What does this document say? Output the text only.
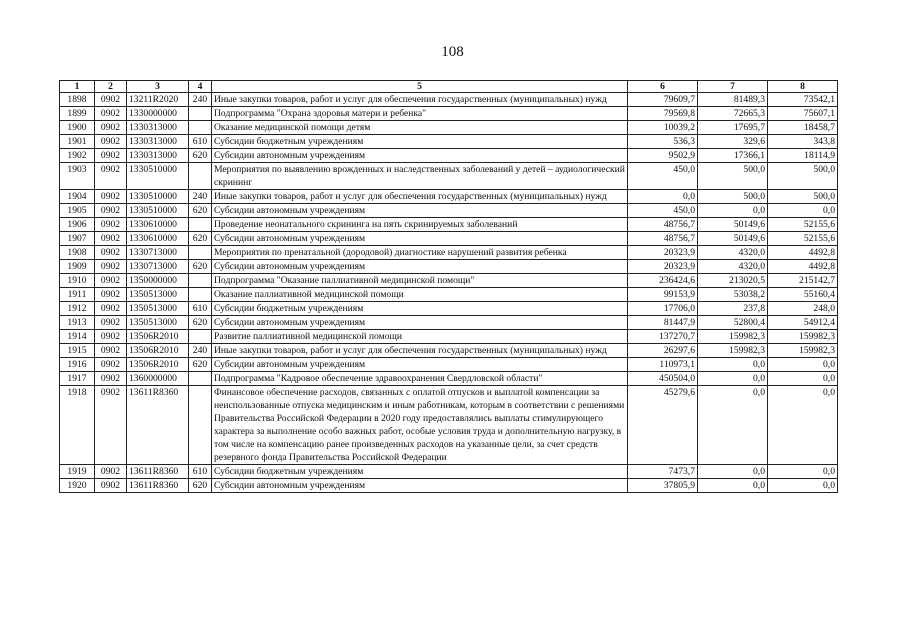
108
1	2	3	4	5	6	7	8
1898	0902	13211R2020	240	Иные закупки товаров, работ и услуг для обеспечения государственных (муниципальных) нужд	79609,7	81489,3	73542,1
1899	0902	1330000000		Подпрограмма "Охрана здоровья матери и ребенка"	79569,8	72665,3	75607,1
1900	0902	1330313000		Оказание медицинской помощи детям	10039,2	17695,7	18458,7
1901	0902	1330313000	610	Субсидии бюджетным учреждениям	536,3	329,6	343,8
1902	0902	1330313000	620	Субсидии автономным учреждениям	9502,9	17366,1	18114,9
1903	0902	1330510000		Мероприятия по выявлению врожденных и наследственных заболеваний у детей – аудиологический скрининг	450,0	500,0	500,0
1904	0902	1330510000	240	Иные закупки товаров, работ и услуг для обеспечения государственных (муниципальных) нужд	0,0	500,0	500,0
1905	0902	1330510000	620	Субсидии автономным учреждениям	450,0	0,0	0,0
1906	0902	1330610000		Проведение неонатального скрининга на пять скринируемых заболеваний	48756,7	50149,6	52155,6
1907	0902	1330610000	620	Субсидии автономным учреждениям	48756,7	50149,6	52155,6
1908	0902	1330713000		Мероприятия по пренатальной (дородовой) диагностике нарушений развития ребенка	20323,9	4320,0	4492,8
1909	0902	1330713000	620	Субсидии автономным учреждениям	20323,9	4320,0	4492,8
1910	0902	1350000000		Подпрограмма "Оказание паллиативной медицинской помощи"	236424,6	213020,5	215142,7
1911	0902	1350513000		Оказание паллиативной медицинской помощи	99153,9	53038,2	55160,4
1912	0902	1350513000	610	Субсидии бюджетным учреждениям	17706,0	237,8	248,0
1913	0902	1350513000	620	Субсидии автономным учреждениям	81447,9	52800,4	54912,4
1914	0902	13506R2010		Развитие паллиативной медицинской помощи	137270,7	159982,3	159982,3
1915	0902	13506R2010	240	Иные закупки товаров, работ и услуг для обеспечения государственных (муниципальных) нужд	26297,6	159982,3	159982,3
1916	0902	13506R2010	620	Субсидии автономным учреждениям	110973,1	0,0	0,0
1917	0902	1360000000		Подпрограмма "Кадровое обеспечение здравоохранения Свердловской области"	450504,0	0,0	0,0
1918	0902	13611R8360		Финансовое обеспечение расходов, связанных с оплатой отпусков и выплатой компенсации за неиспользованные отпуска медицинским и иным работникам, которым в соответствии с решениями Правительства Российской Федерации в 2020 году предоставлялись выплаты стимулирующего характера за выполнение особо важных работ, особые условия труда и дополнительную нагрузку, в том числе на компенсацию ранее произведенных расходов на указанные цели, за счет средств резервного фонда Правительства Российской Федерации	45279,6	0,0	0,0
1919	0902	13611R8360	610	Субсидии бюджетным учреждениям	7473,7	0,0	0,0
1920	0902	13611R8360	620	Субсидии автономным учреждениям	37805,9	0,0	0,0
